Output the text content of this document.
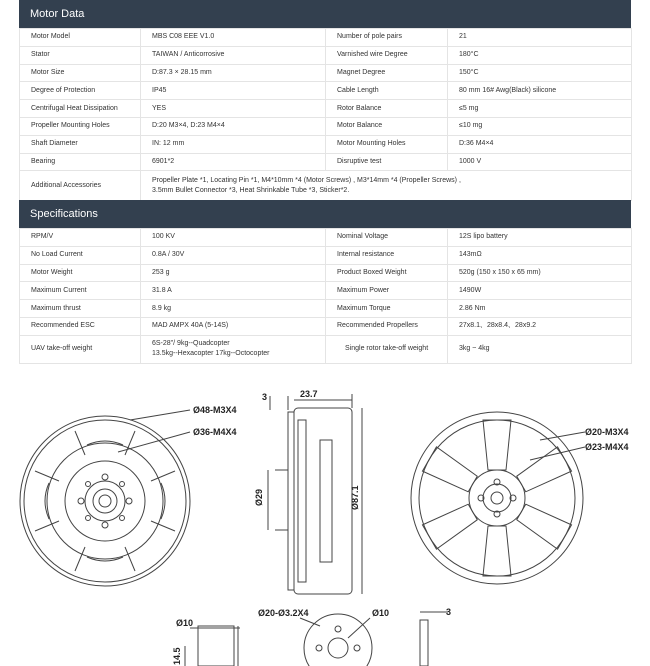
Motor Data
Motor Model	MBS C08 EEE V1.0	Number of pole pairs	21
Stator	TAIWAN / Anticorrosive	Varnished wire Degree	180°C
Motor Size	D:87.3 × 28.15 mm	Magnet Degree	150°C
Degree of Protection	IP45	Cable Length	80 mm 16# Awg(Black) silicone
Centrifugal Heat Dissipation	YES	Rotor Balance	≤5 mg
Propeller Mounting Holes	D:20 M3×4, D:23 M4×4	Motor Balance	≤10 mg
Shaft Diameter	IN: 12 mm	Motor Mounting Holes	D:36 M4×4
Bearing	6901*2	Disruptive test	1000 V
Additional Accessories	Propeller Plate *1, Locating Pin *1, M4*10mm *4 (Motor Screws) , M3*14mm *4 (Propeller Screws) ,
3.5mm Bullet Connector *3, Heat Shrinkable Tube *3, Sticker*2.		
Specifications
RPM/V	100 KV	Nominal Voltage	12S lipo battery
No Load Current	0.8A / 30V	Internal resistance	143mΩ
Motor Weight	253 g	Product Boxed Weight	520g (150 x 150 x 65 mm)
Maximum Current	31.8 A	Maximum Power	1490W
Maximum thrust	8.9 kg	Maximum Torque	2.86 Nm
Recommended ESC	MAD AMPX 40A (5-14S)	Recommended Propellers	27x8.1、28x8.4、28x9.2
UAV take-off weight	6S-28"/ 9kg--Quadcopter
13.5kg--Hexacopter 17kg--Octocopter	Single rotor take-off weight	3kg ~ 4kg
Ø48-M3X4
Ø36-M4X4
3	23.7
Ø29	Ø87.1
Ø20-M3X4
Ø23-M4X4
Ø10
14.5
Ø20-Ø3.2X4	Ø10	3
